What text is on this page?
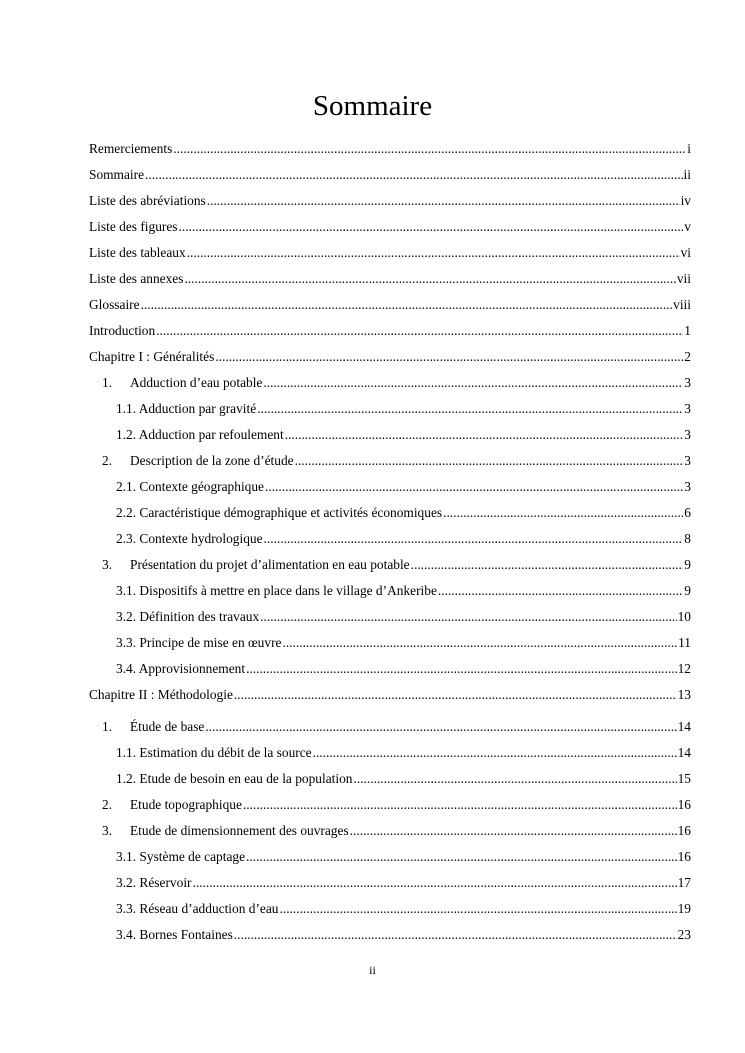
Sommaire
Remerciements .....	i
Sommaire .....	ii
Liste des abréviations .....	iv
Liste des figures .....	v
Liste des tableaux .....	vi
Liste des annexes .....	vii
Glossaire .....	viii
Introduction .....	1
Chapitre I : Généralités .....	2
1.	Adduction d’eau potable .....	3
1.1. Adduction par gravité .....	3
1.2. Adduction par refoulement .....	3
2.	Description de la zone d’étude .....	3
2.1. Contexte géographique .....	3
2.2. Caractéristique démographique et activités économiques .....	6
2.3. Contexte hydrologique .....	8
3.	Présentation du projet d’alimentation en eau potable .....	9
3.1. Dispositifs à mettre en place dans le village d’Ankeribe .....	9
3.2. Définition des travaux .....	10
3.3. Principe de mise en œuvre .....	11
3.4. Approvisionnement .....	12
Chapitre II : Méthodologie .....	13
1.	Étude de base .....	14
1.1. Estimation du débit de la source .....	14
1.2. Etude de besoin en eau de la population .....	15
2.	Etude topographique .....	16
3.	Etude de dimensionnement des ouvrages .....	16
3.1. Système de captage .....	16
3.2. Réservoir .....	17
3.3. Réseau d’adduction d’eau .....	19
3.4. Bornes Fontaines .....	23
ii
